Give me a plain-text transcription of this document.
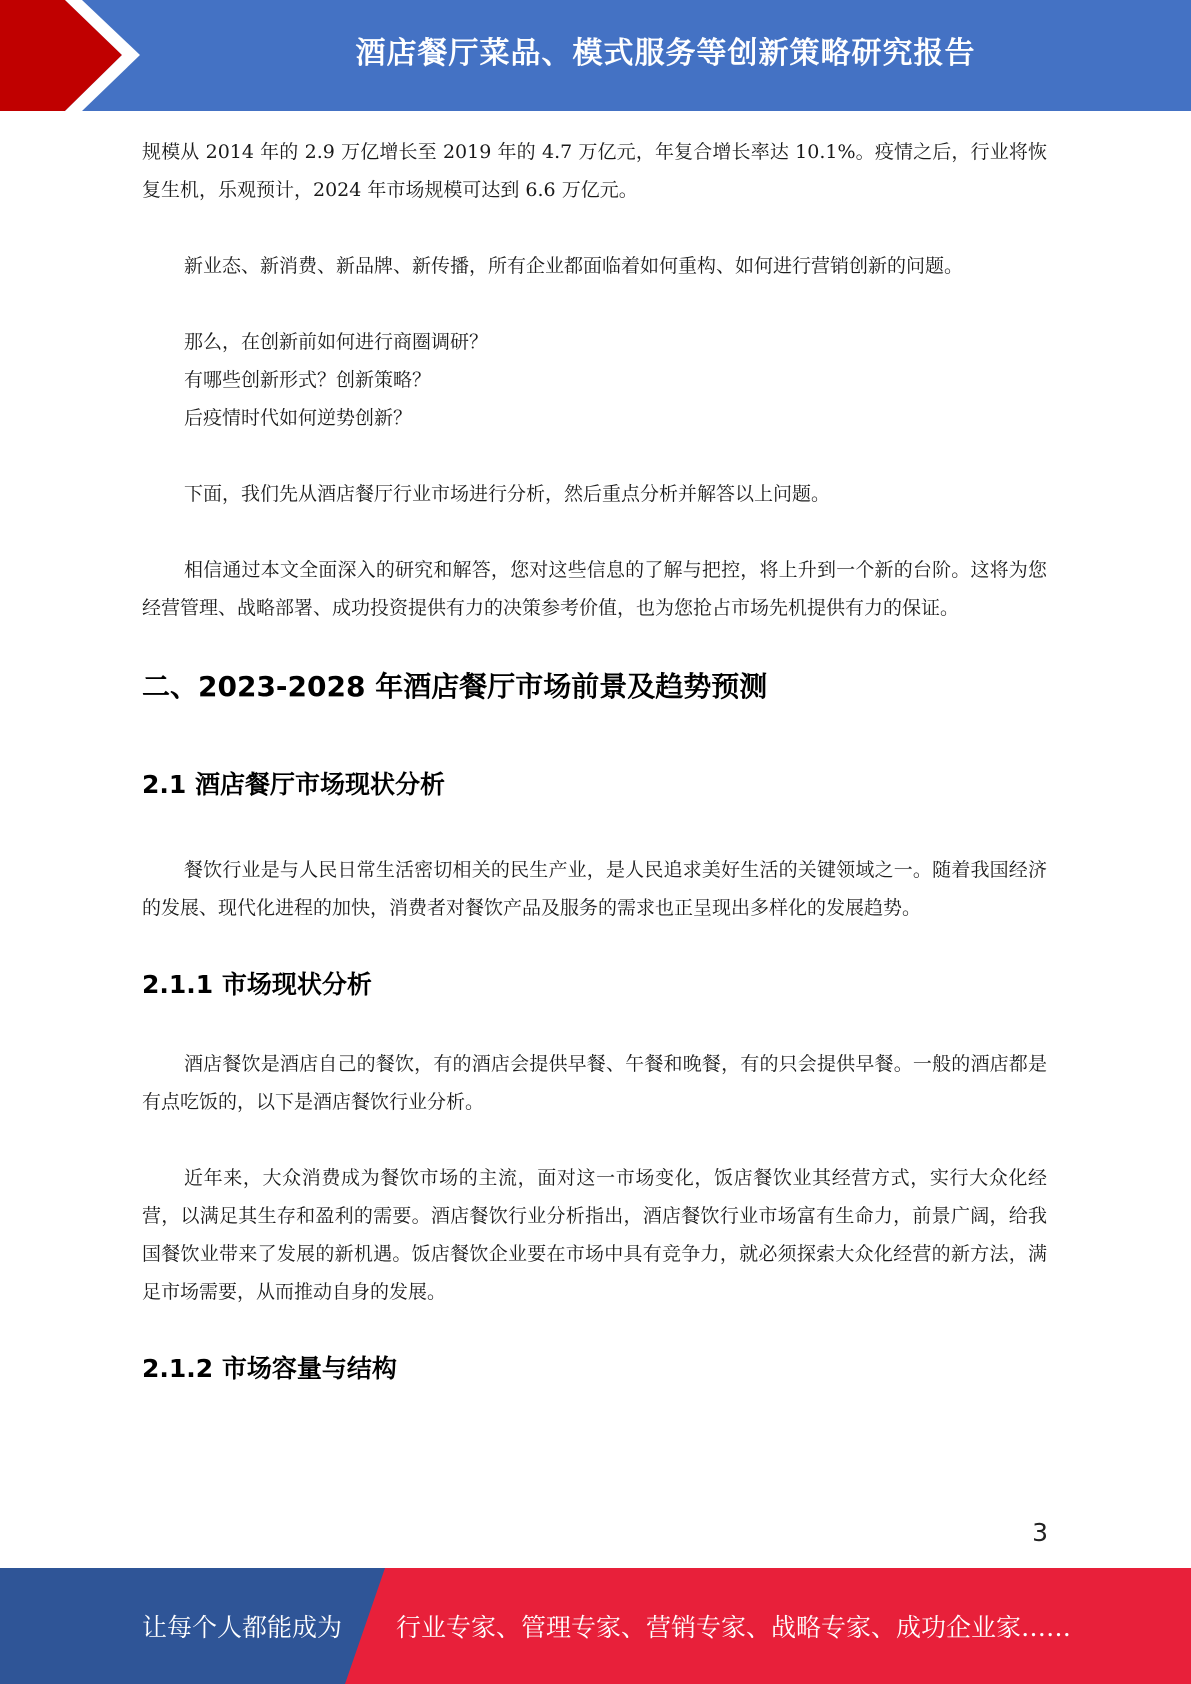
酒店餐厅菜品、模式服务等创新策略研究报告

规模从 2014 年的 2.9 万亿增长至 2019 年的 4.7 万亿元，年复合增长率达 10.1%。疫情之后，行业将恢复生机，乐观预计，2024 年市场规模可达到 6.6 万亿元。

新业态、新消费、新品牌、新传播，所有企业都面临着如何重构、如何进行营销创新的问题。

那么，在创新前如何进行商圈调研？

有哪些创新形式？创新策略？

后疫情时代如何逆势创新？

下面，我们先从酒店餐厅行业市场进行分析，然后重点分析并解答以上问题。

相信通过本文全面深入的研究和解答，您对这些信息的了解与把控，将上升到一个新的台阶。这将为您经营管理、战略部署、成功投资提供有力的决策参考价值，也为您抢占市场先机提供有力的保证。

二、2023-2028 年酒店餐厅市场前景及趋势预测
2.1 酒店餐厅市场现状分析

餐饮行业是与人民日常生活密切相关的民生产业，是人民追求美好生活的关键领域之一。随着我国经济的发展、现代化进程的加快，消费者对餐饮产品及服务的需求也正呈现出多样化的发展趋势。

2.1.1 市场现状分析

酒店餐饮是酒店自己的餐饮，有的酒店会提供早餐、午餐和晚餐，有的只会提供早餐。一般的酒店都是有点吃饭的，以下是酒店餐饮行业分析。

近年来，大众消费成为餐饮市场的主流，面对这一市场变化，饭店餐饮业其经营方式，实行大众化经营，以满足其生存和盈利的需要。酒店餐饮行业分析指出，酒店餐饮行业市场富有生命力，前景广阔，给我国餐饮业带来了发展的新机遇。饭店餐饮企业要在市场中具有竞争力，就必须探索大众化经营的新方法，满足市场需要，从而推动自身的发展。

2.1.2 市场容量与结构
3
让每个人都能成为 行业专家、管理专家、营销专家、战略专家、成功企业家……
